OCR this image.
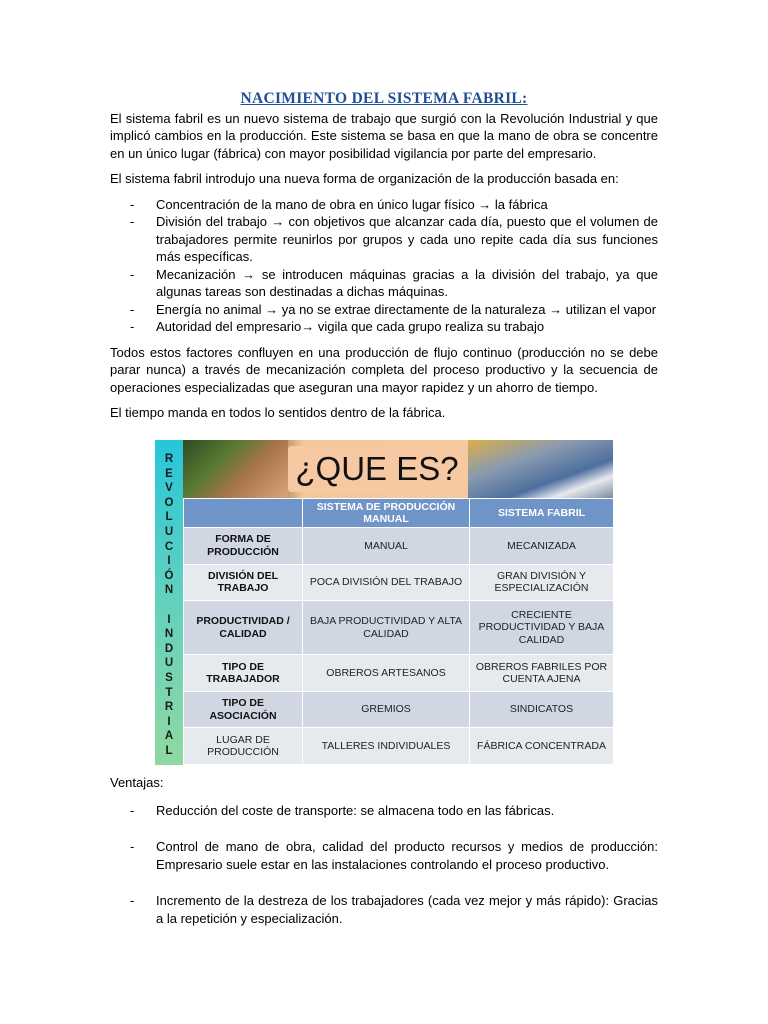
NACIMIENTO DEL SISTEMA FABRIL:

El sistema fabril es un nuevo sistema de trabajo que surgió con la Revolución Industrial y que implicó cambios en la producción. Este sistema se basa en que la mano de obra se concentre en un único lugar (fábrica) con mayor posibilidad vigilancia por parte del empresario.

El sistema fabril introdujo una nueva forma de organización de la producción basada en:

- Concentración de la mano de obra en único lugar físico → la fábrica
- División del trabajo → con objetivos que alcanzar cada día, puesto que el volumen de trabajadores permite reunirlos por grupos y cada uno repite cada día sus funciones más específicas.
- Mecanización → se introducen máquinas gracias a la división del trabajo, ya que algunas tareas son destinadas a dichas máquinas.
- Energía no animal → ya no se extrae directamente de la naturaleza → utilizan el vapor
- Autoridad del empresario→ vigila que cada grupo realiza su trabajo

Todos estos factores confluyen en una producción de flujo continuo (producción no se debe parar nunca) a través de mecanización completa del proceso productivo y la secuencia de operaciones especializadas que aseguran una mayor rapidez y un ahorro de tiempo.

El tiempo manda en todos lo sentidos dentro de la fábrica.

R
E
V
O
L
U
C
I
Ó
N
I
N
D
U
S
T
R
I
A
L
¿QUE ES?
	SISTEMA DE PRODUCCIÓN MANUAL	SISTEMA FABRIL
FORMA DE PRODUCCIÓN	MANUAL	MECANIZADA
DIVISIÓN DEL TRABAJO	POCA DIVISIÓN DEL TRABAJO	GRAN DIVISIÓN Y ESPECIALIZACIÓN
PRODUCTIVIDAD / CALIDAD	BAJA PRODUCTIVIDAD Y ALTA CALIDAD	CRECIENTE PRODUCTIVIDAD Y BAJA CALIDAD
TIPO DE TRABAJADOR	OBREROS ARTESANOS	OBREROS FABRILES POR CUENTA AJENA
TIPO DE ASOCIACIÓN	GREMIOS	SINDICATOS
LUGAR DE PRODUCCIÓN	TALLERES INDIVIDUALES	FÁBRICA CONCENTRADA

Ventajas:

- Reducción del coste de transporte: se almacena todo en las fábricas.
- Control de mano de obra, calidad del producto recursos y medios de producción: Empresario suele estar en las instalaciones controlando el proceso productivo.
- Incremento de la destreza de los trabajadores (cada vez mejor y más rápido): Gracias a la repetición y especialización.
